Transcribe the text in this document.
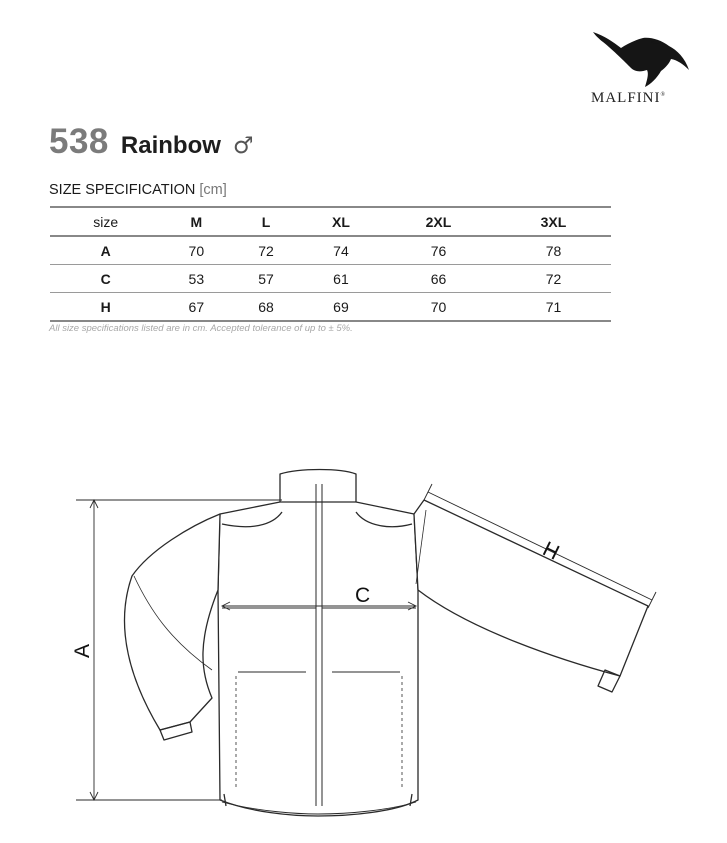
MALFINI®
538 Rainbow ♂
SIZE SPECIFICATION [cm]
size	M	L	XL	2XL	3XL
A	70	72	74	76	78
C	53	57	61	66	72
H	67	68	69	70	71
All size specifications listed are in cm. Accepted tolerance of up to ± 5%.
A
C
H
